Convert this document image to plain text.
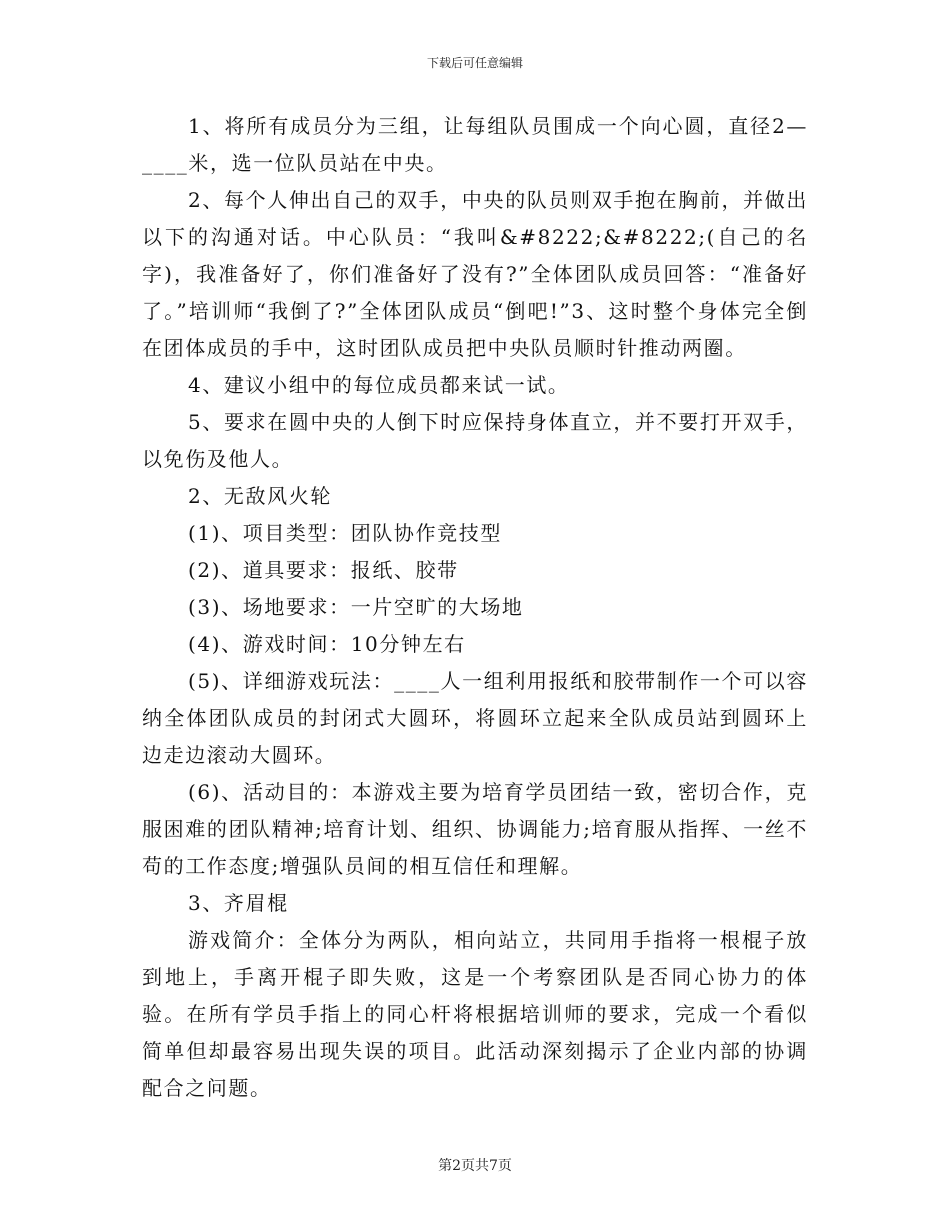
下载后可任意编辑

1、将所有成员分为三组，让每组队员围成一个向心圆，直径2—____米，选一位队员站在中央。

2、每个人伸出自己的双手，中央的队员则双手抱在胸前，并做出以下的沟通对话。中心队员：“我叫&#8222;&#8222;(自己的名字)，我准备好了，你们准备好了没有?”全体团队成员回答：“准备好了。”培训师“我倒了?”全体团队成员“倒吧!”3、这时整个身体完全倒在团体成员的手中，这时团队成员把中央队员顺时针推动两圈。

4、建议小组中的每位成员都来试一试。

5、要求在圆中央的人倒下时应保持身体直立，并不要打开双手，以免伤及他人。

2、无敌风火轮

(1)、项目类型：团队协作竞技型

(2)、道具要求：报纸、胶带

(3)、场地要求：一片空旷的大场地

(4)、游戏时间：10分钟左右

(5)、详细游戏玩法：____人一组利用报纸和胶带制作一个可以容纳全体团队成员的封闭式大圆环，将圆环立起来全队成员站到圆环上边走边滚动大圆环。

(6)、活动目的：本游戏主要为培育学员团结一致，密切合作，克服困难的团队精神;培育计划、组织、协调能力;培育服从指挥、一丝不苟的工作态度;增强队员间的相互信任和理解。

3、齐眉棍

游戏简介：全体分为两队，相向站立，共同用手指将一根棍子放到地上，手离开棍子即失败，这是一个考察团队是否同心协力的体验。在所有学员手指上的同心杆将根据培训师的要求，完成一个看似简单但却最容易出现失误的项目。此活动深刻揭示了企业内部的协调配合之问题。

第2页共7页
